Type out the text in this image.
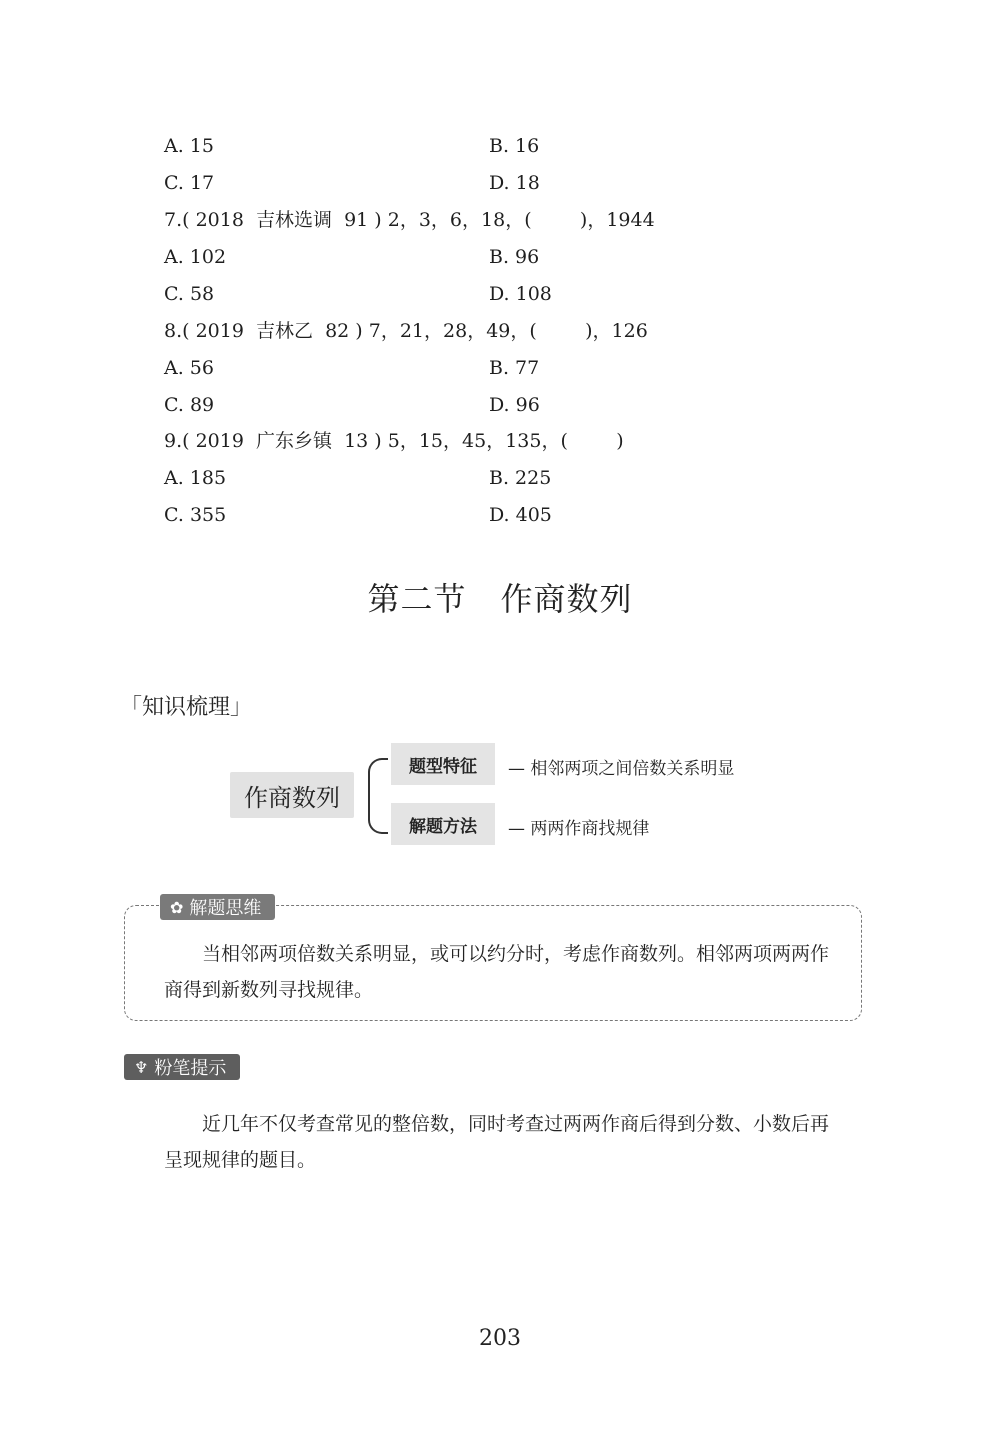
A. 15	B. 16
C. 17	D. 18
7.( 2018  吉林选调  91 ) 2，3，6，18，(        )，1944
A. 102	B. 96
C. 58	D. 108
8.( 2019  吉林乙  82 ) 7，21，28，49，(        )，126
A. 56	B. 77
C. 89	D. 96
9.( 2019  广东乡镇  13 ) 5，15，45，135，(        )
A. 185	B. 225
C. 355	D. 405
第二节 作商数列
「知识梳理」
作商数列
题型特征	— 相邻两项之间倍数关系明显
解题方法	— 两两作商找规律
✿ 解题思维
当相邻两项倍数关系明显，或可以约分时，考虑作商数列。相邻两项两两作商得到新数列寻找规律。
♆ 粉笔提示
近几年不仅考查常见的整倍数，同时考查过两两作商后得到分数、小数后再呈现规律的题目。
203
